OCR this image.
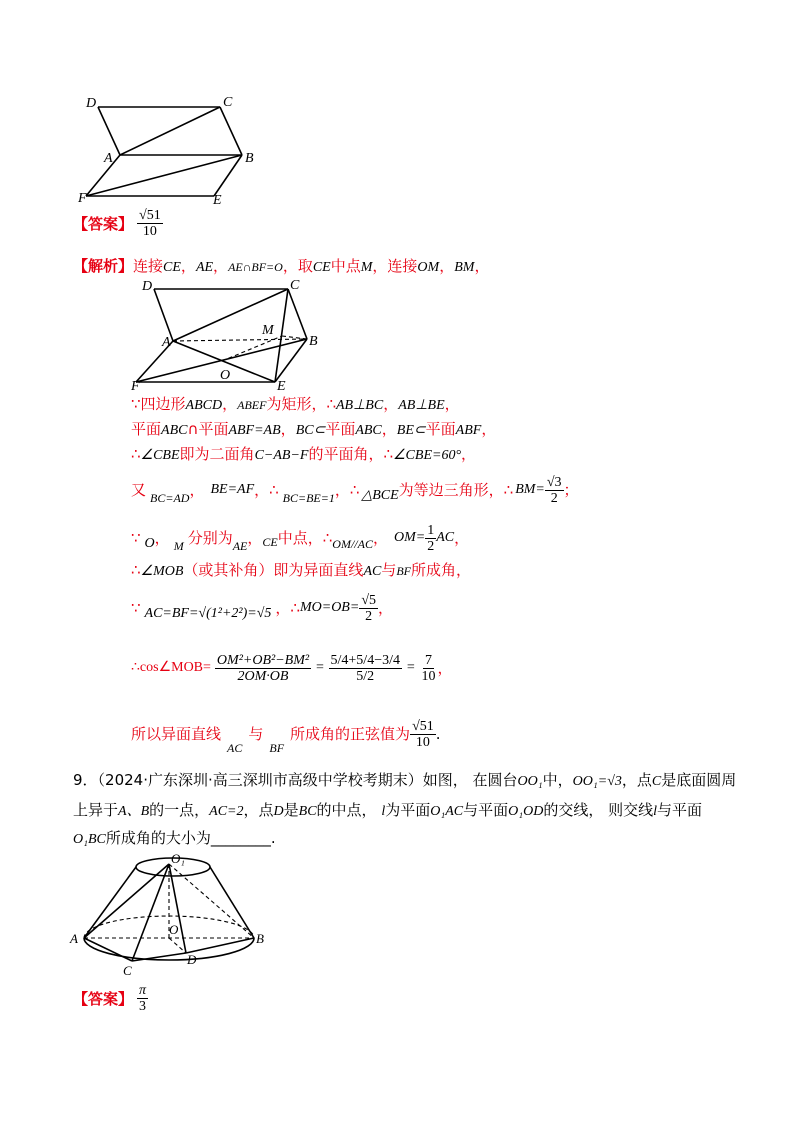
D	C
A	B
F	E
【答案】 $\frac{√51}{10}$
【解析】连接CE，AE，AE∩BF=O，取CE中点M，连接OM，BM，
D	C
M
A	B
O
F	E
∵四边形ABCD，ABEF为矩形，∴AB⊥BC，AB⊥BE，
平面ABC∩平面ABF=AB，BC⊂平面ABC，BE⊂平面ABF，
∴∠CBE即为二面角C−AB−F的平面角，∴∠CBE=60°，
又 BC=AD ， BE=AF ，∴ BC=BE=1 ，∴ △BCE 为等边三角形，∴ $BM= \frac{√3}{2}$ ；
∵ O ， M 分别为 AE ， CE 中点，∴ OM//AC ， $OM= \frac{1}{2}$ AC ，
∴∠MOB（或其补角）即为异面直线AC与BF所成角，
∵ AC=BF=√(1²+2²)=√5 ，∴ $MO=OB= \frac{√5}{2}$ ，
∴cos∠MOB= $\frac{\text{OM²+OB²−BM²}}{2OM\cdot OB} = \frac{5/4+5/4-3/4}{5/2} = \frac{7}{10}$ ，
所以异面直线
AC
与
BF
所成角的正弦值为 $\frac{√51}{10}$ .
9．（2024·广东深圳·高三深圳市高级中学校考期末）如图， 在圆台OO₁中，OO₁=√3，点C是底面圆周
上异于A、B的一点，AC=2，点D是BC的中点， l为平面O₁AC与平面O₁OD的交线， 则交线l与平面
O₁BC所成角的大小为________.
O₁
A
O
B
C
D
【答案】 $\frac{\pi}{3}$
